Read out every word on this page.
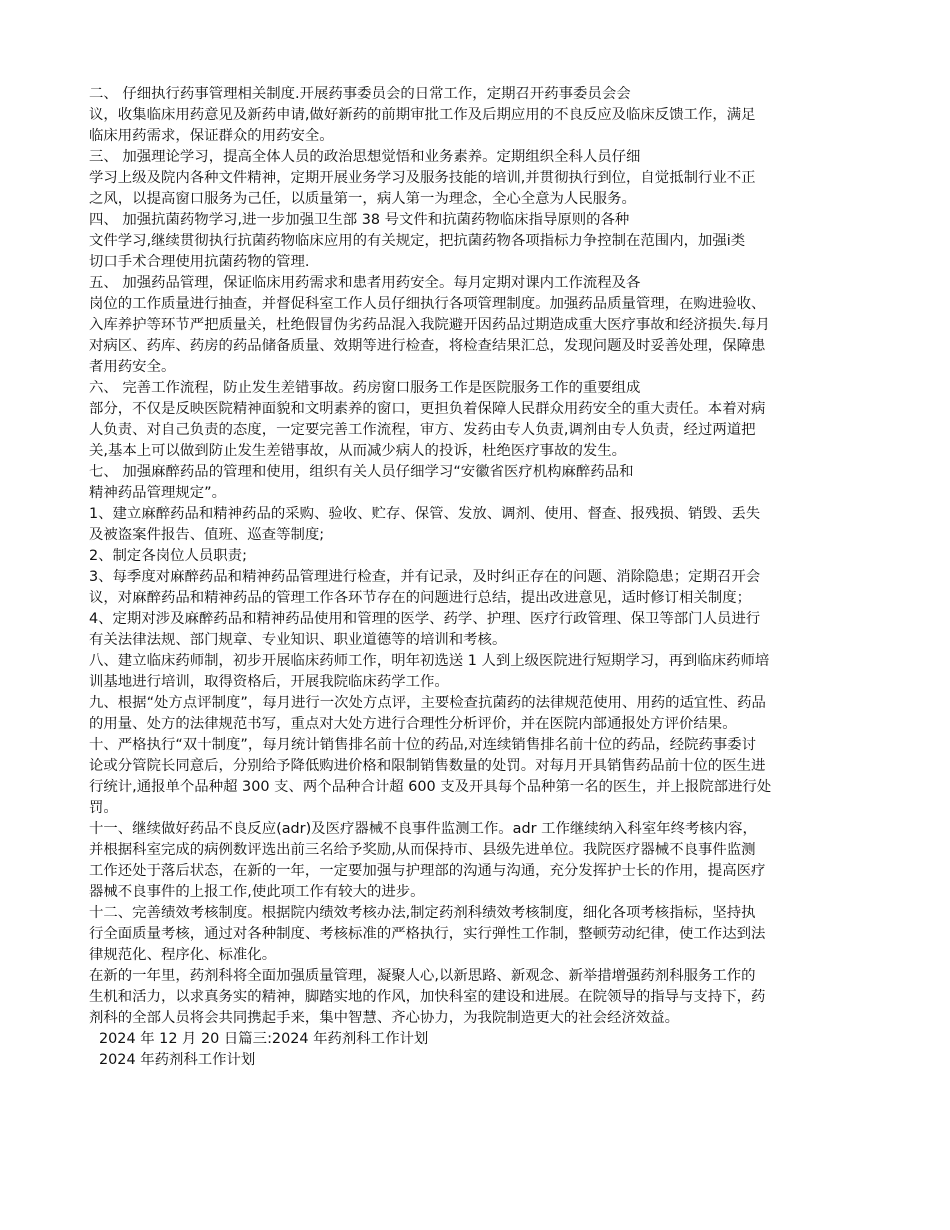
二、 仔细执行药事管理相关制度.开展药事委员会的日常工作，定期召开药事委员会会
议，收集临床用药意见及新药申请,做好新药的前期审批工作及后期应用的不良反应及临床反馈工作，满足
临床用药需求，保证群众的用药安全。
三、 加强理论学习，提高全体人员的政治思想觉悟和业务素养。定期组织全科人员仔细
学习上级及院内各种文件精神，定期开展业务学习及服务技能的培训,并贯彻执行到位，自觉抵制行业不正
之风，以提高窗口服务为己任，以质量第一，病人第一为理念，全心全意为人民服务。
四、 加强抗菌药物学习,进一步加强卫生部 38 号文件和抗菌药物临床指导原则的各种
文件学习,继续贯彻执行抗菌药物临床应用的有关规定，把抗菌药物各项指标力争控制在范围内，加强ⅰ类
切口手术合理使用抗菌药物的管理.
五、 加强药品管理，保证临床用药需求和患者用药安全。每月定期对课内工作流程及各
岗位的工作质量进行抽查，并督促科室工作人员仔细执行各项管理制度。加强药品质量管理，在购进验收、
入库养护等环节严把质量关，杜绝假冒伪劣药品混入我院避开因药品过期造成重大医疗事故和经济损失.每月
对病区、药库、药房的药品储备质量、效期等进行检查，将检查结果汇总，发现问题及时妥善处理，保障患
者用药安全。
六、 完善工作流程，防止发生差错事故。药房窗口服务工作是医院服务工作的重要组成
部分，不仅是反映医院精神面貌和文明素养的窗口，更担负着保障人民群众用药安全的重大责任。本着对病
人负责、对自己负责的态度，一定要完善工作流程，审方、发药由专人负责,调剂由专人负责，经过两道把
关,基本上可以做到防止发生差错事故，从而减少病人的投诉，杜绝医疗事故的发生。
七、 加强麻醉药品的管理和使用，组织有关人员仔细学习“安徽省医疗机构麻醉药品和
精神药品管理规定”。
1、建立麻醉药品和精神药品的采购、验收、贮存、保管、发放、调剂、使用、督查、报残损、销毁、丢失
及被盗案件报告、值班、巡查等制度;
2、制定各岗位人员职责;
3、每季度对麻醉药品和精神药品管理进行检查，并有记录，及时纠正存在的问题、消除隐患；定期召开会
议，对麻醉药品和精神药品的管理工作各环节存在的问题进行总结，提出改进意见，适时修订相关制度；
4、定期对涉及麻醉药品和精神药品使用和管理的医学、药学、护理、医疗行政管理、保卫等部门人员进行
有关法律法规、部门规章、专业知识、职业道德等的培训和考核。
八、建立临床药师制，初步开展临床药师工作，明年初选送 1 人到上级医院进行短期学习，再到临床药师培
训基地进行培训，取得资格后，开展我院临床药学工作。
九、根据“处方点评制度”，每月进行一次处方点评，主要检查抗菌药的法律规范使用、用药的适宜性、药品
的用量、处方的法律规范书写，重点对大处方进行合理性分析评价，并在医院内部通报处方评价结果。
十、严格执行“双十制度”，每月统计销售排名前十位的药品,对连续销售排名前十位的药品，经院药事委讨
论或分管院长同意后，分别给予降低购进价格和限制销售数量的处罚。对每月开具销售药品前十位的医生进
行统计,通报单个品种超 300 支、两个品种合计超 600 支及开具每个品种第一名的医生，并上报院部进行处
罚。
十一、继续做好药品不良反应(adr)及医疗器械不良事件监测工作。adr 工作继续纳入科室年终考核内容，
并根据科室完成的病例数评选出前三名给予奖励,从而保持市、县级先进单位。我院医疗器械不良事件监测
工作还处于落后状态，在新的一年，一定要加强与护理部的沟通与沟通，充分发挥护士长的作用，提高医疗
器械不良事件的上报工作,使此项工作有较大的进步。
十二、完善绩效考核制度。根据院内绩效考核办法,制定药剂科绩效考核制度，细化各项考核指标，坚持执
行全面质量考核，通过对各种制度、考核标准的严格执行，实行弹性工作制，整顿劳动纪律，使工作达到法
律规范化、程序化、标准化。
在新的一年里，药剂科将全面加强质量管理，凝聚人心,以新思路、新观念、新举措增强药剂科服务工作的
生机和活力，以求真务实的精神，脚踏实地的作风，加快科室的建设和进展。在院领导的指导与支持下，药
剂科的全部人员将会共同携起手来，集中智慧、齐心协力，为我院制造更大的社会经济效益。
2024 年 12 月 20 日篇三:2024 年药剂科工作计划
2024 年药剂科工作计划
